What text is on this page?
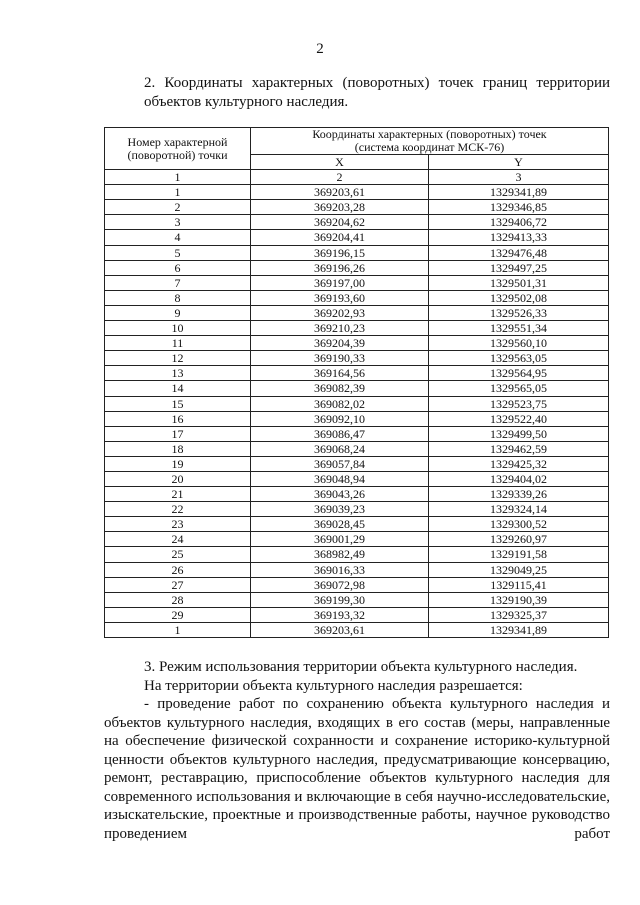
2
2. Координаты характерных (поворотных) точек границ территории объектов культурного наследия.
Номер характерной (поворотной) точки	Координаты характерных (поворотных) точек
(система координат МСК-76)	

	X	Y
1	2	3
1	369203,61	1329341,89
2	369203,28	1329346,85
3	369204,62	1329406,72
4	369204,41	1329413,33
5	369196,15	1329476,48
6	369196,26	1329497,25
7	369197,00	1329501,31
8	369193,60	1329502,08
9	369202,93	1329526,33
10	369210,23	1329551,34
11	369204,39	1329560,10
12	369190,33	1329563,05
13	369164,56	1329564,95
14	369082,39	1329565,05
15	369082,02	1329523,75
16	369092,10	1329522,40
17	369086,47	1329499,50
18	369068,24	1329462,59
19	369057,84	1329425,32
20	369048,94	1329404,02
21	369043,26	1329339,26
22	369039,23	1329324,14
23	369028,45	1329300,52
24	369001,29	1329260,97
25	368982,49	1329191,58
26	369016,33	1329049,25
27	369072,98	1329115,41
28	369199,30	1329190,39
29	369193,32	1329325,37
1	369203,61	1329341,89

3. Режим использования территории объекта культурного наследия.

На территории объекта культурного наследия разрешается:

- проведение работ по сохранению объекта культурного наследия и объектов культурного наследия, входящих в его состав (меры, направленные на обеспечение физической сохранности и сохранение историко-культурной ценности объектов культурного наследия, предусматривающие консервацию, ремонт, реставрацию, приспособление объектов культурного наследия для современного использования и включающие в себя научно-исследовательские, изыскательские, проектные и производственные работы, научное руководство проведением работ
